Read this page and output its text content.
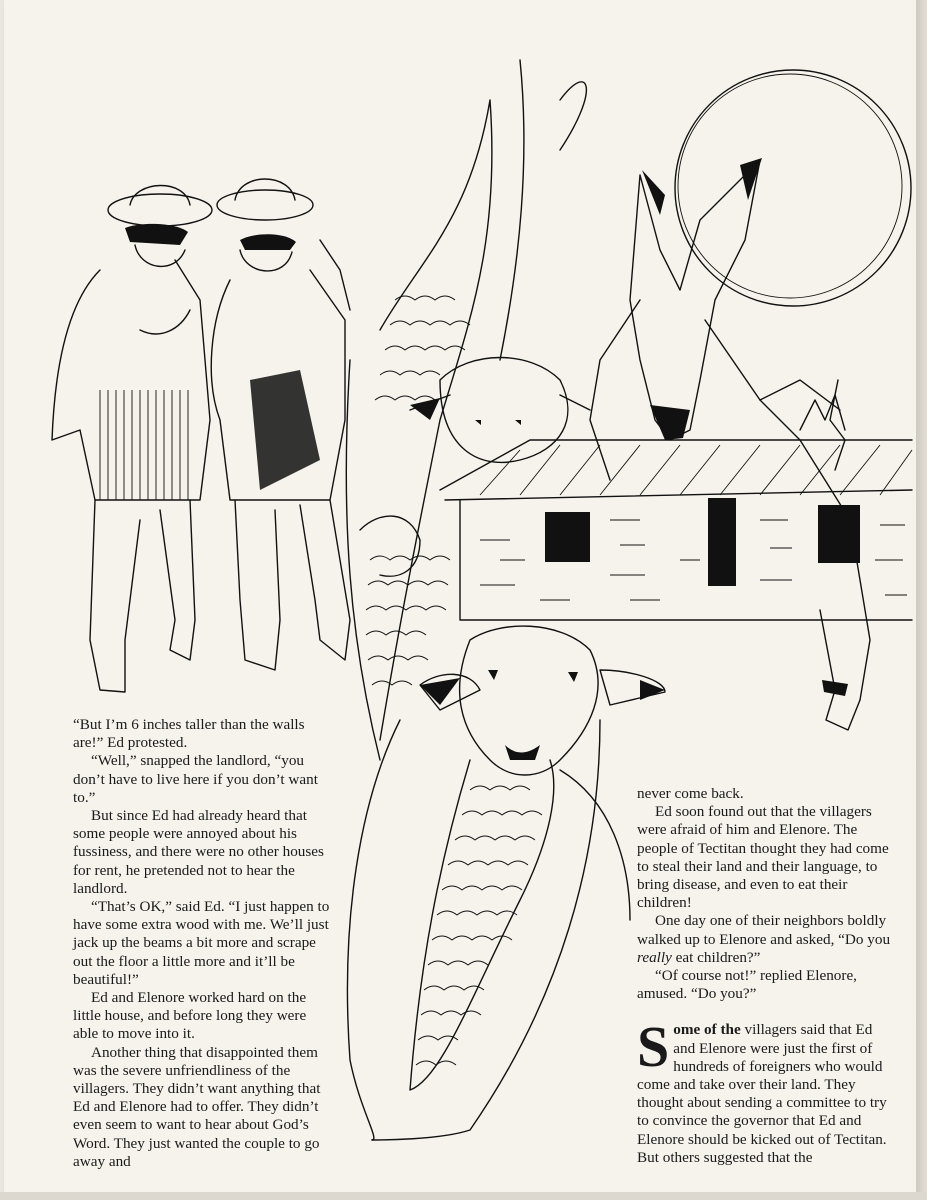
“But I’m 6 inches taller than the walls are!” Ed protested.

“Well,” snapped the landlord, “you don’t have to live here if you don’t want to.”

But since Ed had already heard that some people were annoyed about his fussiness, and there were no other houses for rent, he pretended not to hear the landlord.

“That’s OK,” said Ed. “I just happen to have some extra wood with me. We’ll just jack up the beams a bit more and scrape out the floor a little more and it’ll be beautiful!”

Ed and Elenore worked hard on the little house, and before long they were able to move into it.

Another thing that disappointed them was the severe unfriendliness of the villagers. They didn’t want anything that Ed and Elenore had to offer. They didn’t even seem to want to hear about God’s Word. They just wanted the couple to go away and

never come back.

Ed soon found out that the villagers were afraid of him and Elenore. The people of Tectitan thought they had come to steal their land and their language, to bring disease, and even to eat their children!

One day one of their neighbors boldly walked up to Elenore and asked, “Do you really eat children?”

“Of course not!” replied Elenore, amused. “Do you?”

Some of the villagers said that Ed and Elenore were just the first of hundreds of foreigners who would come and take over their land. They thought about sending a committee to try to convince the governor that Ed and Elenore should be kicked out of Tectitan. But others suggested that the
